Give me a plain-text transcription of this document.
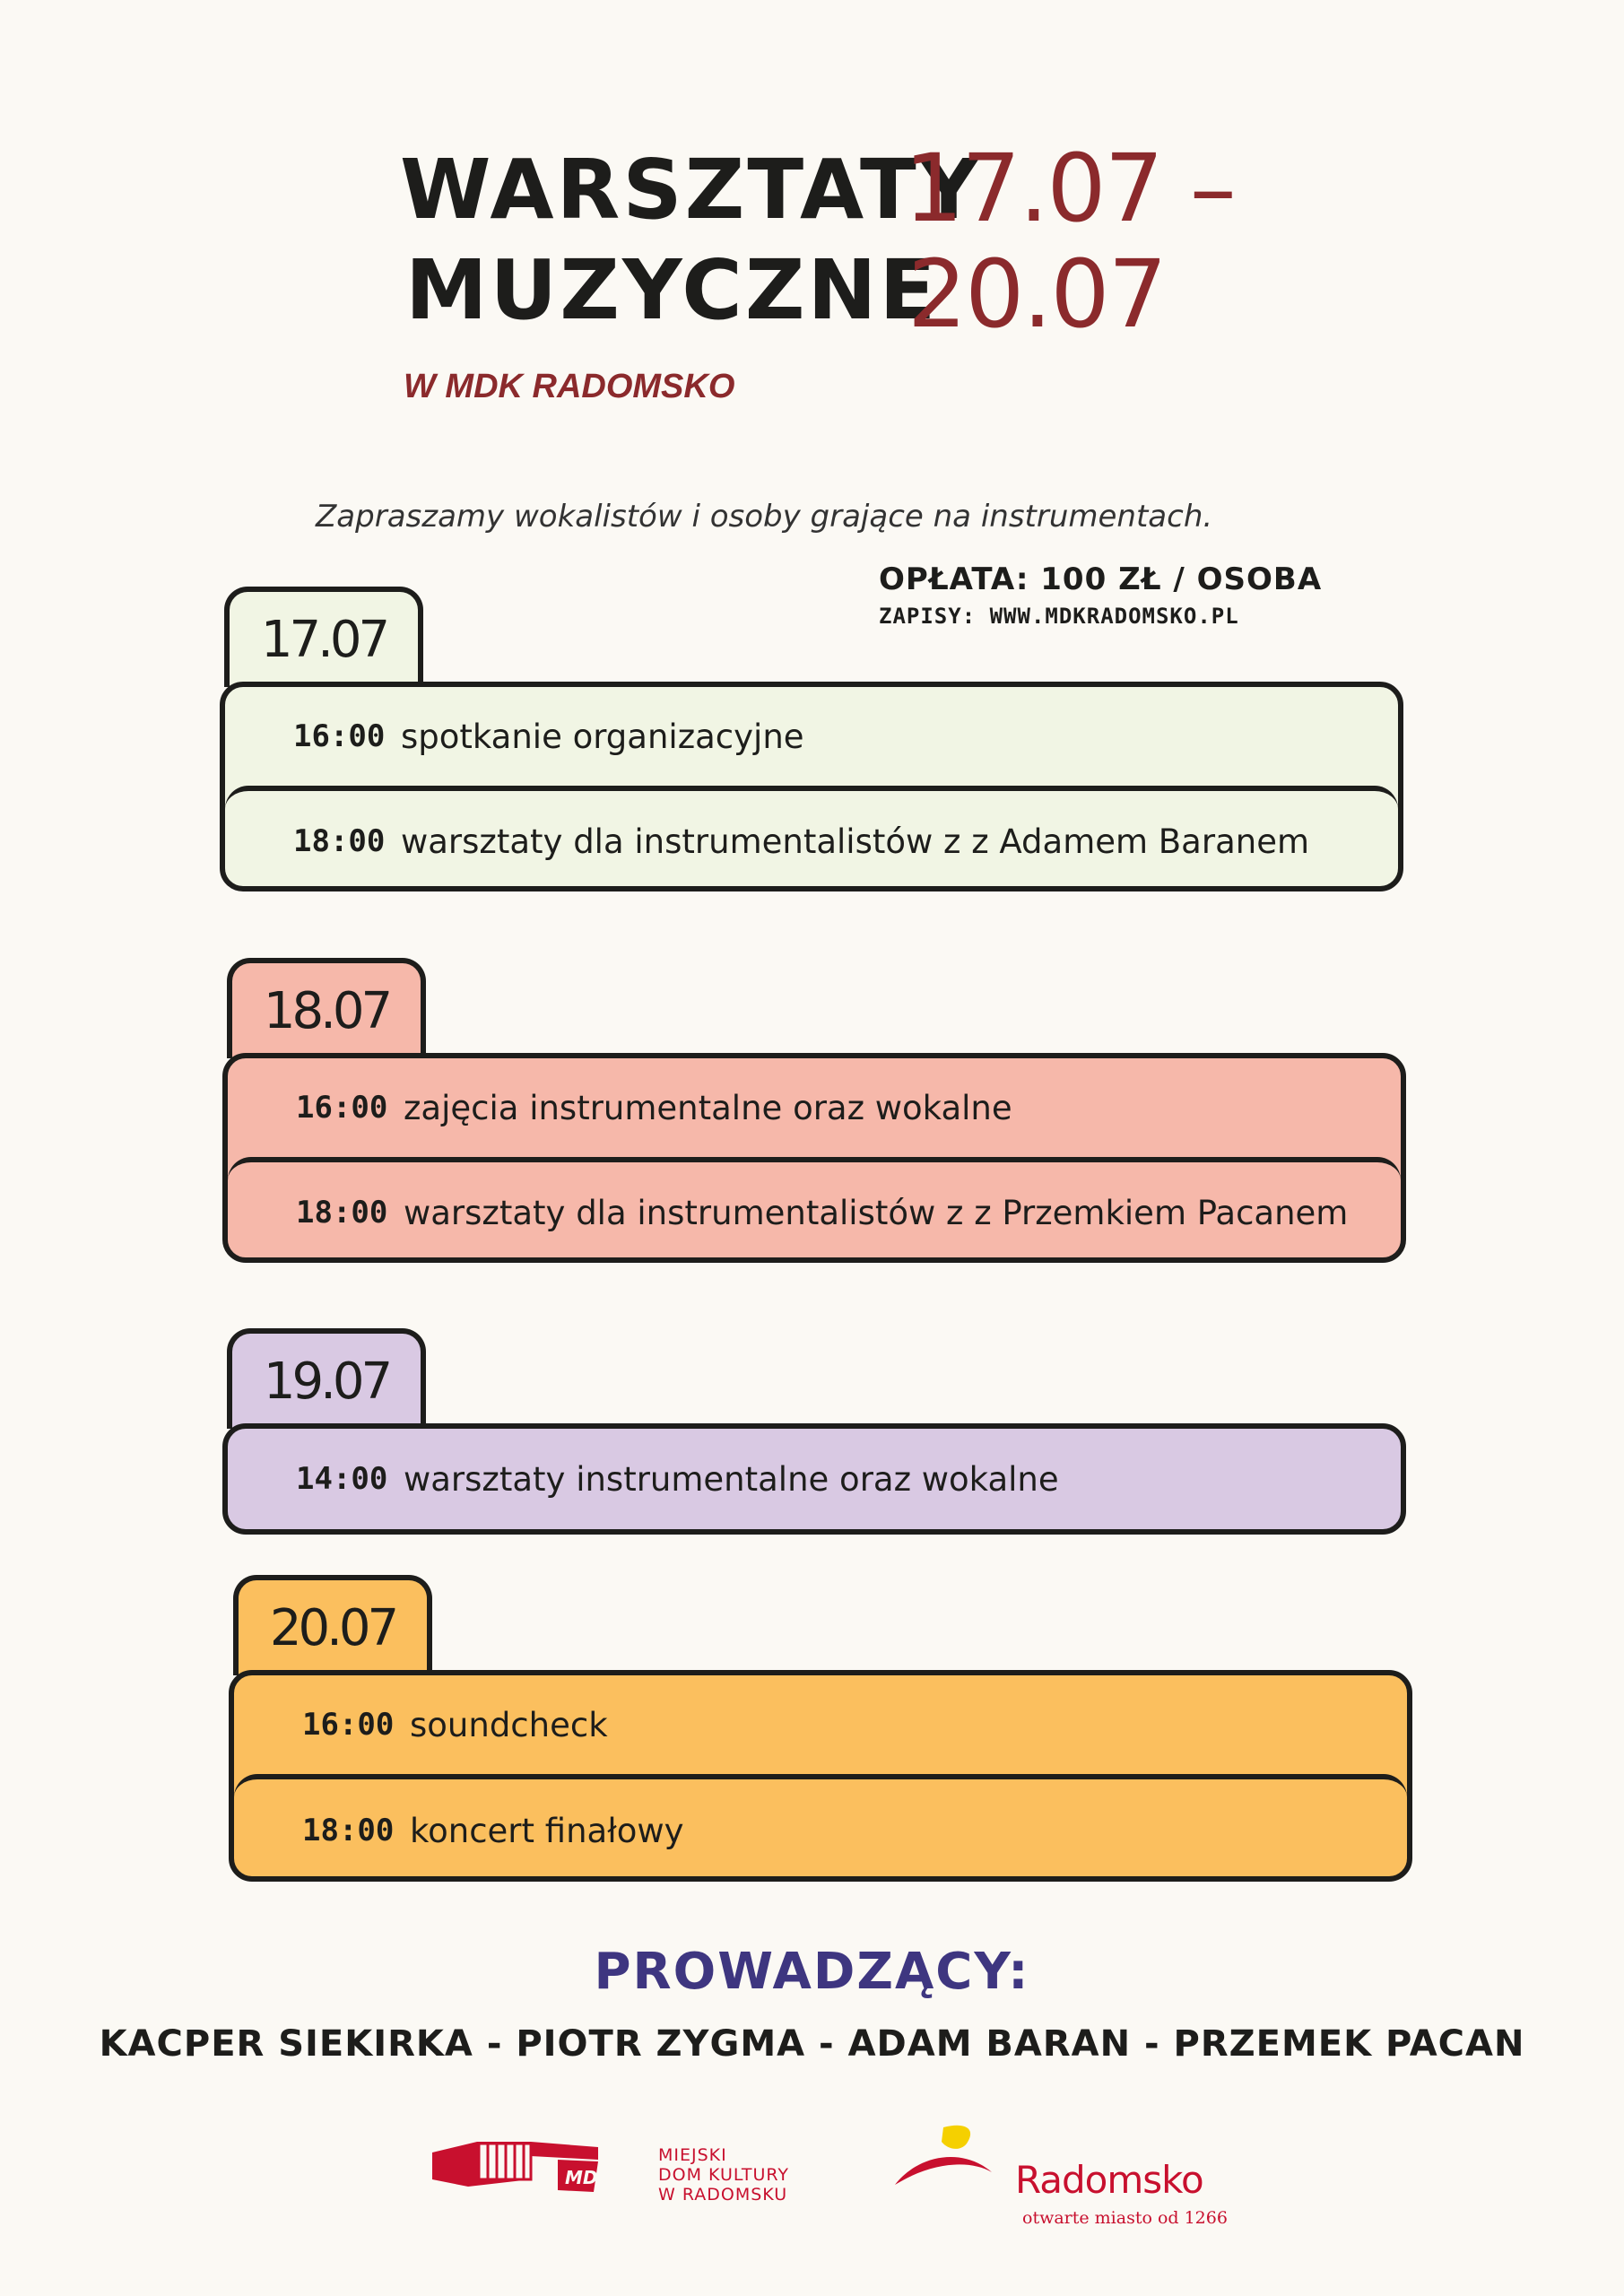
WARSZTATY
MUZYCZNE
17.07 –
20.07
W MDK RADOMSKO
Zapraszamy wokalistów i osoby grające na instrumentach.
OPŁATA: 100 ZŁ / OSOBA
ZAPISY: WWW.MDKRADOMSKO.PL
17.07
16:00 spotkanie organizacyjne
18:00 warsztaty dla instrumentalistów z z Adamem Baranem
18.07
16:00 zajęcia instrumentalne oraz wokalne
18:00 warsztaty dla instrumentalistów z z Przemkiem Pacanem
19.07
14:00 warsztaty instrumentalne oraz wokalne
20.07
16:00 soundcheck
18:00 koncert finałowy
PROWADZĄCY:
KACPER SIEKIRKA - PIOTR ZYGMA - ADAM BARAN - PRZEMEK PACAN
MDK
MIEJSKI
DOM KULTURY
W RADOMSKU	Radomsko
otwarte miasto od 1266
